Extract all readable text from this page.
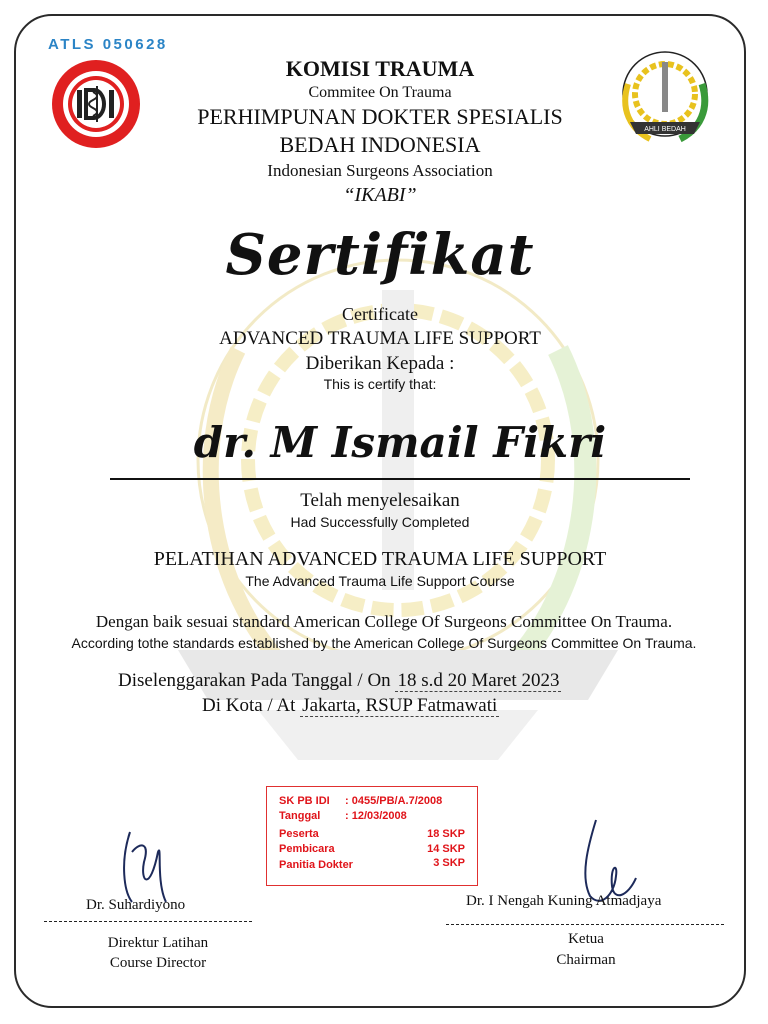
ATLS 050628
AHLI BEDAH
KOMISI TRAUMA
Commitee On Trauma
PERHIMPUNAN DOKTER SPESIALIS
BEDAH INDONESIA
Indonesian Surgeons Association
“IKABI”
Sertifikat
Certificate
ADVANCED TRAUMA LIFE SUPPORT
Diberikan Kepada :
This is certify that:
dr. M Ismail Fikri
Telah menyelesaikan
Had Successfully Completed
PELATIHAN ADVANCED TRAUMA LIFE SUPPORT
The Advanced Trauma Life Support Course
Dengan baik sesuai standard American College Of Surgeons Committee On Trauma.
According tothe standards established by the American College Of Surgeons Committee On Trauma.
Diselenggarakan Pada Tanggal / On 18 s.d 20 Maret 2023
Di Kota / At Jakarta, RSUP Fatmawati
SK PB IDI : 0455/PB/A.7/2008
Tanggal : 12/03/2008
Peserta	18 SKP
Pembicara	14 SKP
Panitia Dokter	3 SKP
Dr. Suhardiyono
Direktur Latihan
Course Director
Dr. I Nengah Kuning Atmadjaya
Ketua
Chairman
